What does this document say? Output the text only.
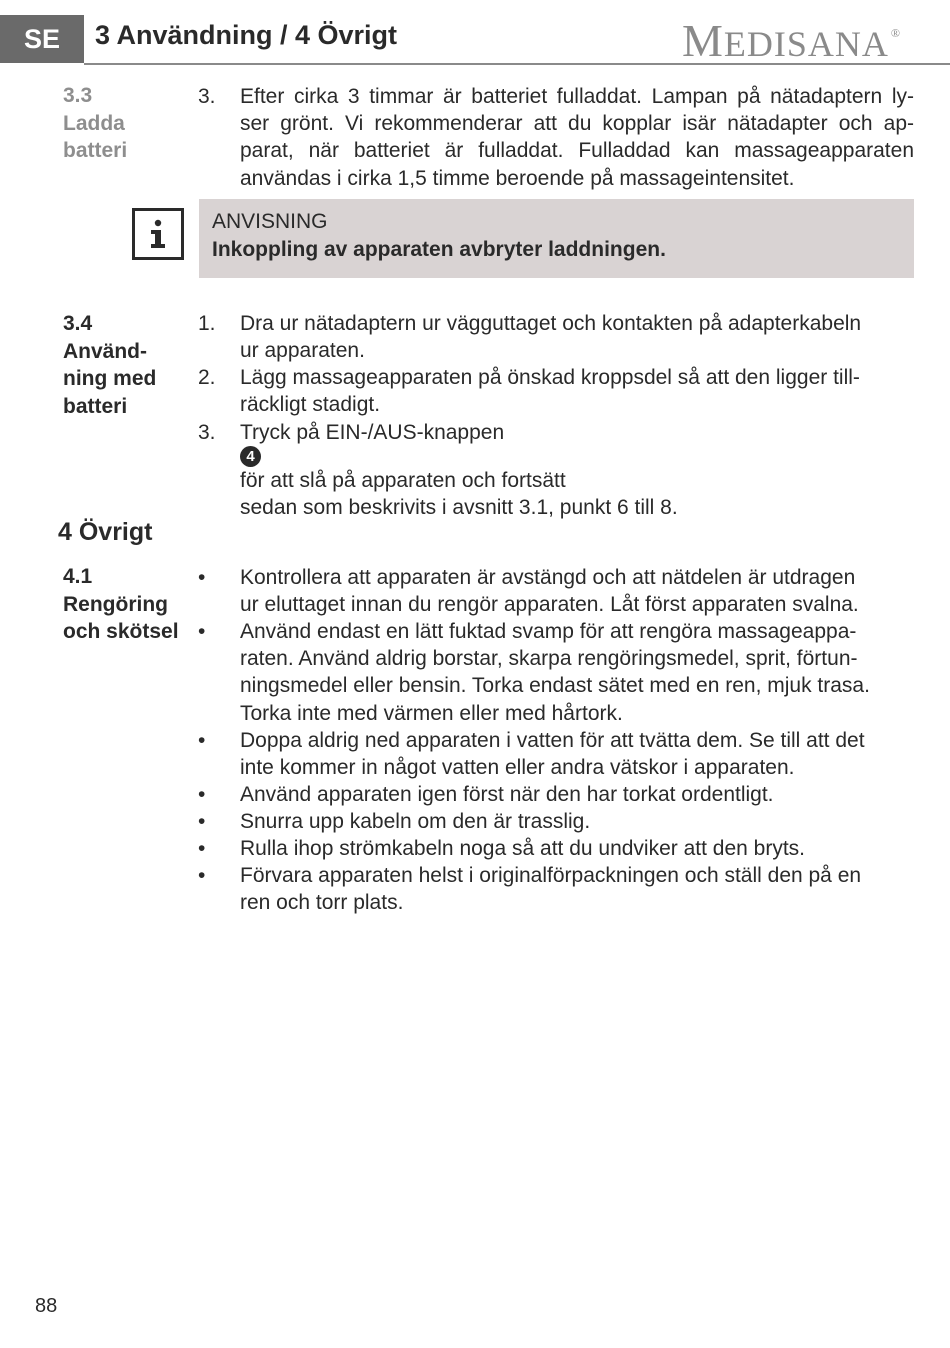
SE	3 Användning / 4 Övrigt	M EDISANA ®
3.3
Ladda
batteri
3. Efter cirka 3 timmar är batteriet fulladdat. Lampan på nätadaptern ly-
ser grönt. Vi rekommenderar att du kopplar isär nätadapter och ap-
parat, när batteriet är fulladdat. Fulladdad kan massageapparaten
användas i cirka 1,5 timme beroende på massageintensitet.
ANVISNING
Inkoppling av apparaten avbryter laddningen.
3.4
Använd-
ning med
batteri
1. Dra ur nätadaptern ur vägguttaget och kontakten på adapterkabeln
ur apparaten.
2. Lägg massageapparaten på önskad kroppsdel så att den ligger till-
räckligt stadigt.
3. Tryck på EIN-/AUS-knappen
4
för att slå på apparaten och fortsätt
sedan som beskrivits i avsnitt 3.1, punkt 6 till 8.
4 Övrigt
4.1
Rengöring
och skötsel
• Kontrollera att apparaten är avstängd och att nätdelen är utdragen
ur eluttaget innan du rengör apparaten. Låt först apparaten svalna.
• Använd endast en lätt fuktad svamp för att rengöra massageappa-
raten. Använd aldrig borstar, skarpa rengöringsmedel, sprit, förtun-
ningsmedel eller bensin. Torka endast sätet med en ren, mjuk trasa.
Torka inte med värmen eller med hårtork.
• Doppa aldrig ned apparaten i vatten för att tvätta dem. Se till att det
inte kommer in något vatten eller andra vätskor i apparaten.
• Använd apparaten igen först när den har torkat ordentligt.
• Snurra upp kabeln om den är trasslig.
• Rulla ihop strömkabeln noga så att du undviker att den bryts.
• Förvara apparaten helst i originalförpackningen och ställ den på en
ren och torr plats.
88
